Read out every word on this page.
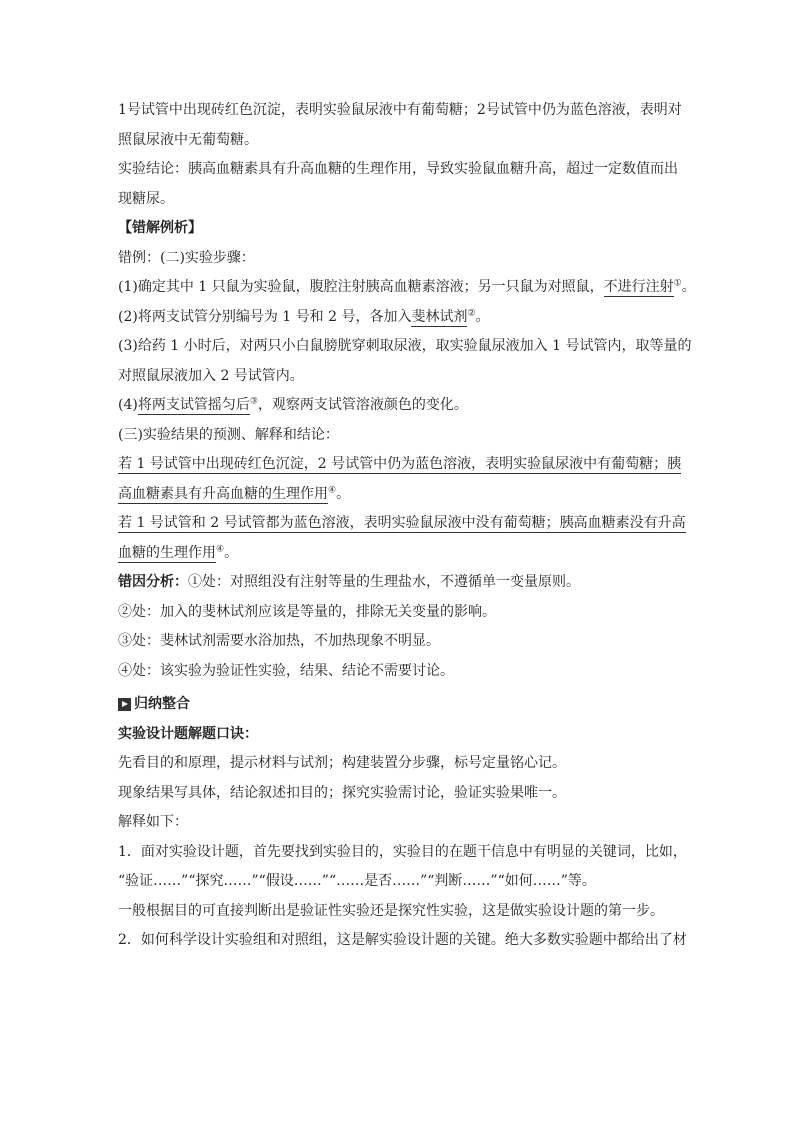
1号试管中出现砖红色沉淀，表明实验鼠尿液中有葡萄糖；2号试管中仍为蓝色溶液，表明对
照鼠尿液中无葡萄糖。
实验结论：胰高血糖素具有升高血糖的生理作用，导致实验鼠血糖升高，超过一定数值而出
现糖尿。
【错解例析】
错例：(二)实验步骤：
(1)确定其中 1 只鼠为实验鼠，腹腔注射胰高血糖素溶液；另一只鼠为对照鼠，不进行注射①。
(2)将两支试管分别编号为 1 号和 2 号，各加入斐林试剂②。
(3)给药 1 小时后，对两只小白鼠膀胱穿刺取尿液，取实验鼠尿液加入 1 号试管内，取等量的
对照鼠尿液加入 2 号试管内。
(4)将两支试管摇匀后③，观察两支试管溶液颜色的变化。
(三)实验结果的预测、解释和结论：
若 1 号试管中出现砖红色沉淀，2 号试管中仍为蓝色溶液，表明实验鼠尿液中有葡萄糖；胰
高血糖素具有升高血糖的生理作用④。
若 1 号试管和 2 号试管都为蓝色溶液，表明实验鼠尿液中没有葡萄糖；胰高血糖素没有升高
血糖的生理作用④。
错因分析：①处：对照组没有注射等量的生理盐水，不遵循单一变量原则。
②处：加入的斐林试剂应该是等量的，排除无关变量的影响。
③处：斐林试剂需要水浴加热，不加热现象不明显。
④处：该实验为验证性实验，结果、结论不需要讨论。
归纳整合
实验设计题解题口诀：
先看目的和原理，提示材料与试剂；构建装置分步骤，标号定量铭心记。
现象结果写具体，结论叙述扣目的；探究实验需讨论，验证实验果唯一。
解释如下：
1．面对实验设计题，首先要找到实验目的，实验目的在题干信息中有明显的关键词，比如，
“验证……”“探究……”“假设……”“……是否……”“判断……”“如何……”等。
一般根据目的可直接判断出是验证性实验还是探究性实验，这是做实验设计题的第一步。
2．如何科学设计实验组和对照组，这是解实验设计题的关键。绝大多数实验题中都给出了材
